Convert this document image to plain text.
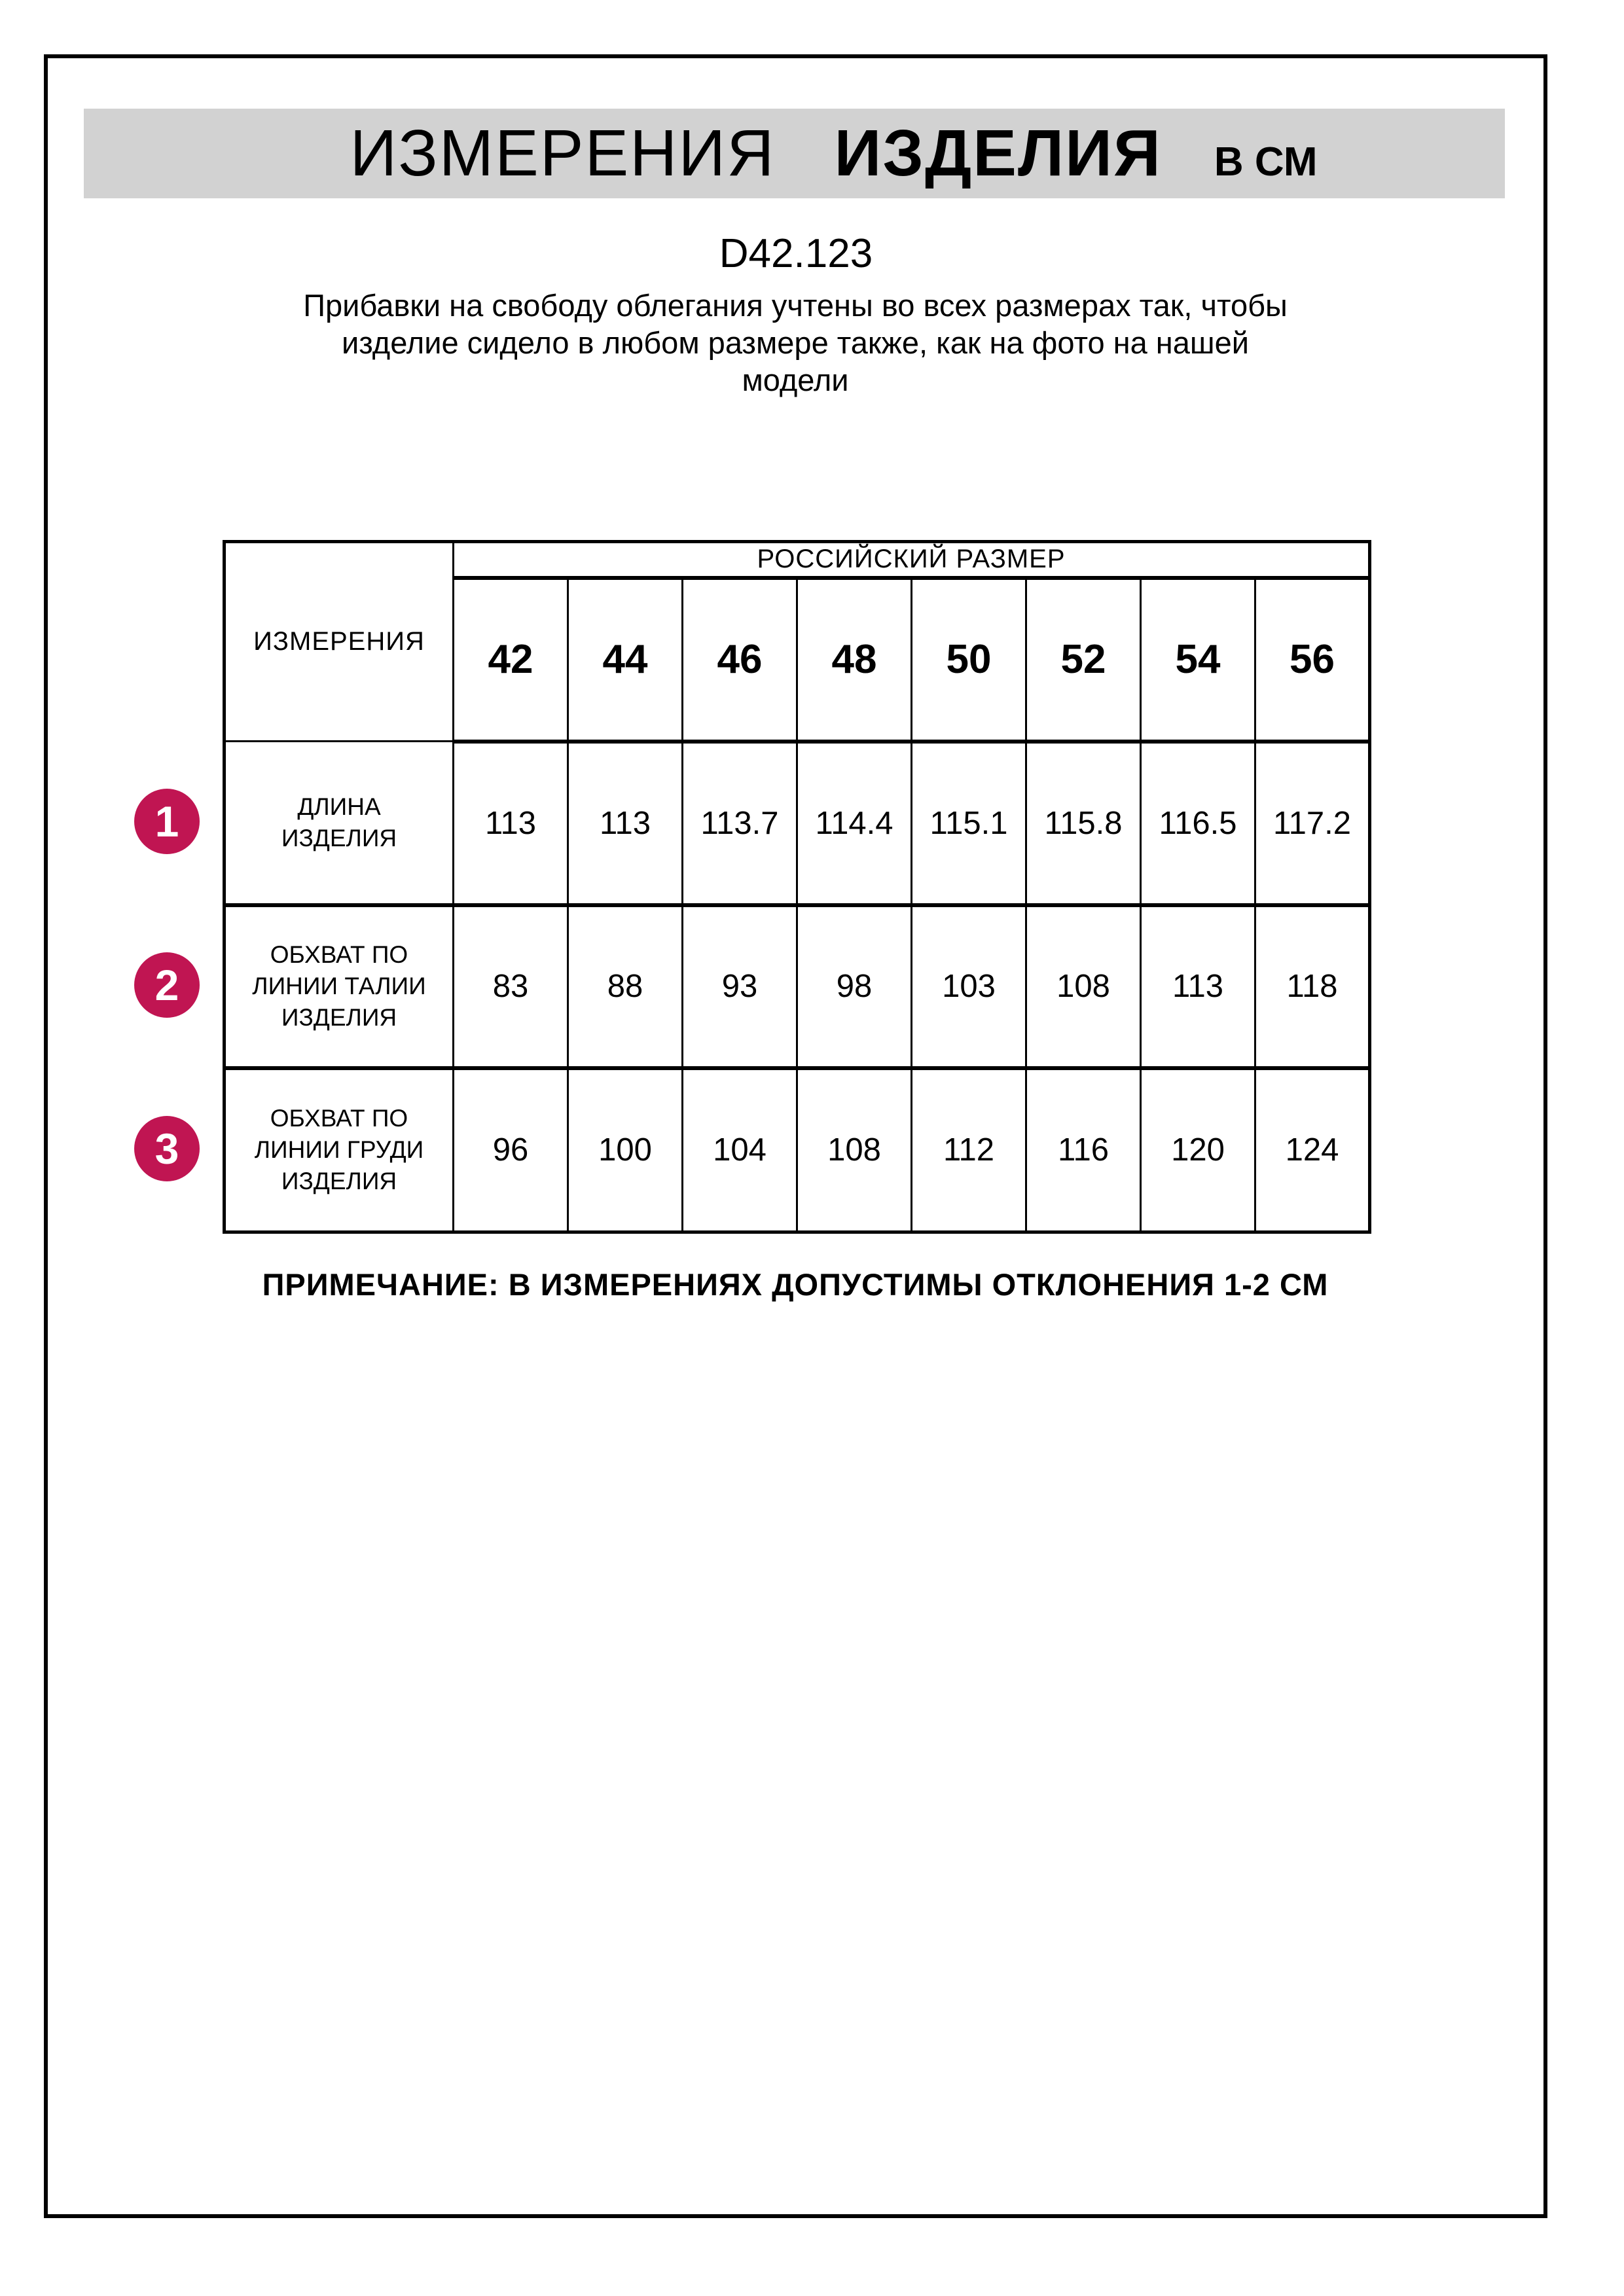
ИЗМЕРЕНИЯ ИЗДЕЛИЯ В СМ
D42.123
Прибавки на свободу облегания учтены во всех размерах так, чтобы
изделие сидело в любом размере также, как на фото на нашей
модели
ИЗМЕРЕНИЯ	РОССИЙСКИЙ РАЗМЕР							
	42	44	46	48	50	52	54	56

ДЛИНА
ИЗДЕЛИЯ	113	113	113.7	114.4	115.1	115.8	116.5	117.2

ОБХВАТ ПО
ЛИНИИ ТАЛИИ
ИЗДЕЛИЯ	83	88	93	98	103	108	113	118

ОБХВАТ ПО
ЛИНИИ ГРУДИ
ИЗДЕЛИЯ	96	100	104	108	112	116	120	124
1
2
3
ПРИМЕЧАНИЕ: В ИЗМЕРЕНИЯХ ДОПУСТИМЫ ОТКЛОНЕНИЯ 1-2 СМ
